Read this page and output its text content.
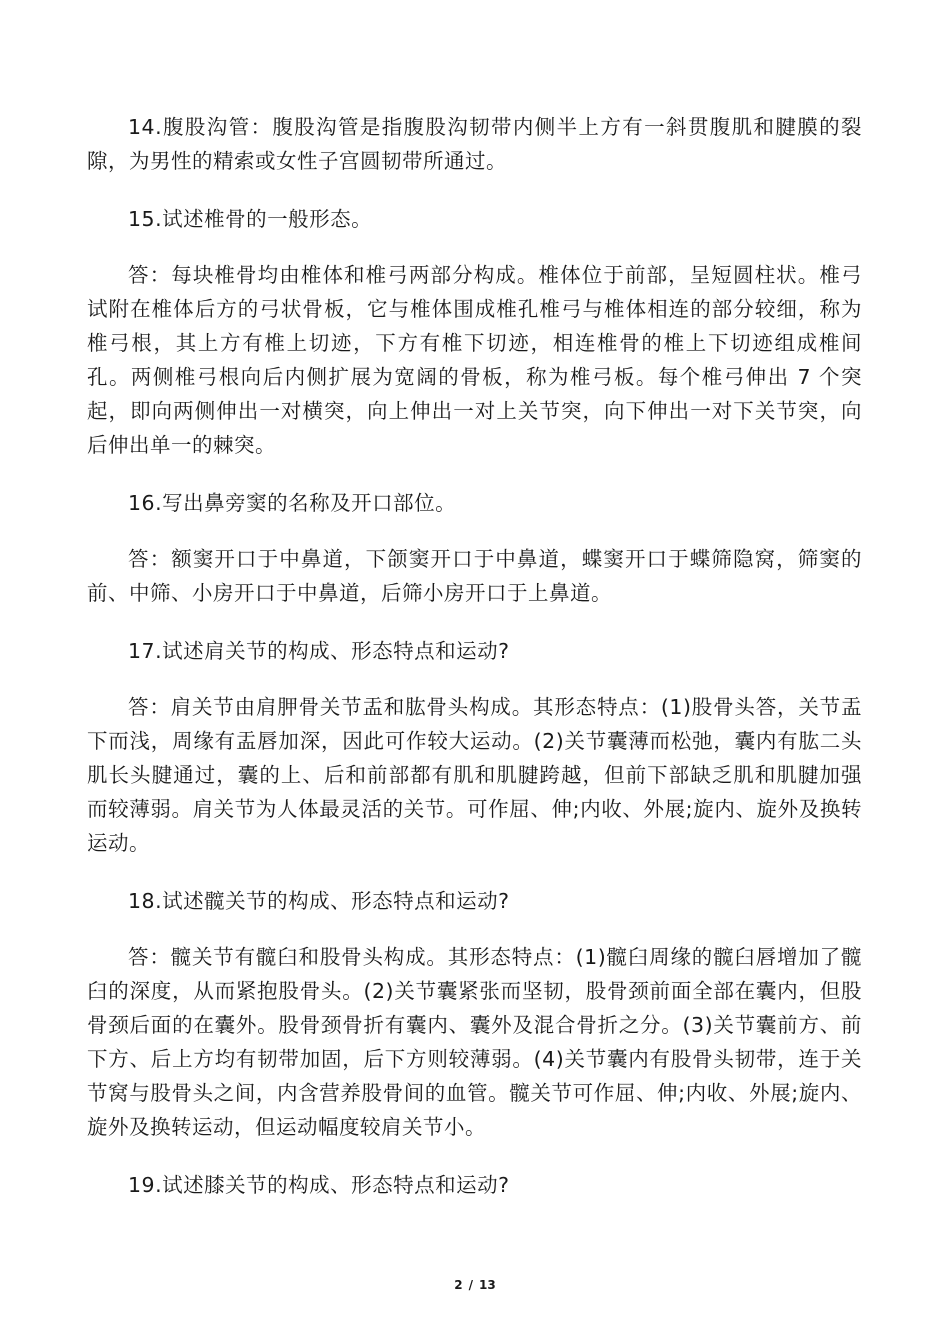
14.腹股沟管：腹股沟管是指腹股沟韧带内侧半上方有一斜贯腹肌和腱膜的裂隙，为男性的精索或女性子宫圆韧带所通过。

15.试述椎骨的一般形态。

答：每块椎骨均由椎体和椎弓两部分构成。椎体位于前部，呈短圆柱状。椎弓试附在椎体后方的弓状骨板，它与椎体围成椎孔椎弓与椎体相连的部分较细，称为椎弓根，其上方有椎上切迹，下方有椎下切迹，相连椎骨的椎上下切迹组成椎间孔。两侧椎弓根向后内侧扩展为宽阔的骨板，称为椎弓板。每个椎弓伸出 7 个突起，即向两侧伸出一对横突，向上伸出一对上关节突，向下伸出一对下关节突，向后伸出单一的棘突。

16.写出鼻旁窦的名称及开口部位。

答：额窦开口于中鼻道，下颌窦开口于中鼻道，蝶窦开口于蝶筛隐窝，筛窦的前、中筛、小房开口于中鼻道，后筛小房开口于上鼻道。

17.试述肩关节的构成、形态特点和运动?

答：肩关节由肩胛骨关节盂和肱骨头构成。其形态特点：(1)股骨头答，关节盂下而浅，周缘有盂唇加深，因此可作较大运动。(2)关节囊薄而松弛，囊内有肱二头肌长头腱通过，囊的上、后和前部都有肌和肌腱跨越，但前下部缺乏肌和肌腱加强而较薄弱。肩关节为人体最灵活的关节。可作屈、伸;内收、外展;旋内、旋外及换转运动。

18.试述髋关节的构成、形态特点和运动?

答：髋关节有髋臼和股骨头构成。其形态特点：(1)髋臼周缘的髋臼唇增加了髋臼的深度，从而紧抱股骨头。(2)关节囊紧张而坚韧，股骨颈前面全部在囊内，但股骨颈后面的在囊外。股骨颈骨折有囊内、囊外及混合骨折之分。(3)关节囊前方、前下方、后上方均有韧带加固，后下方则较薄弱。(4)关节囊内有股骨头韧带，连于关节窝与股骨头之间，内含营养股骨间的血管。髋关节可作屈、伸;内收、外展;旋内、旋外及换转运动，但运动幅度较肩关节小。

19.试述膝关节的构成、形态特点和运动?

2 / 13
